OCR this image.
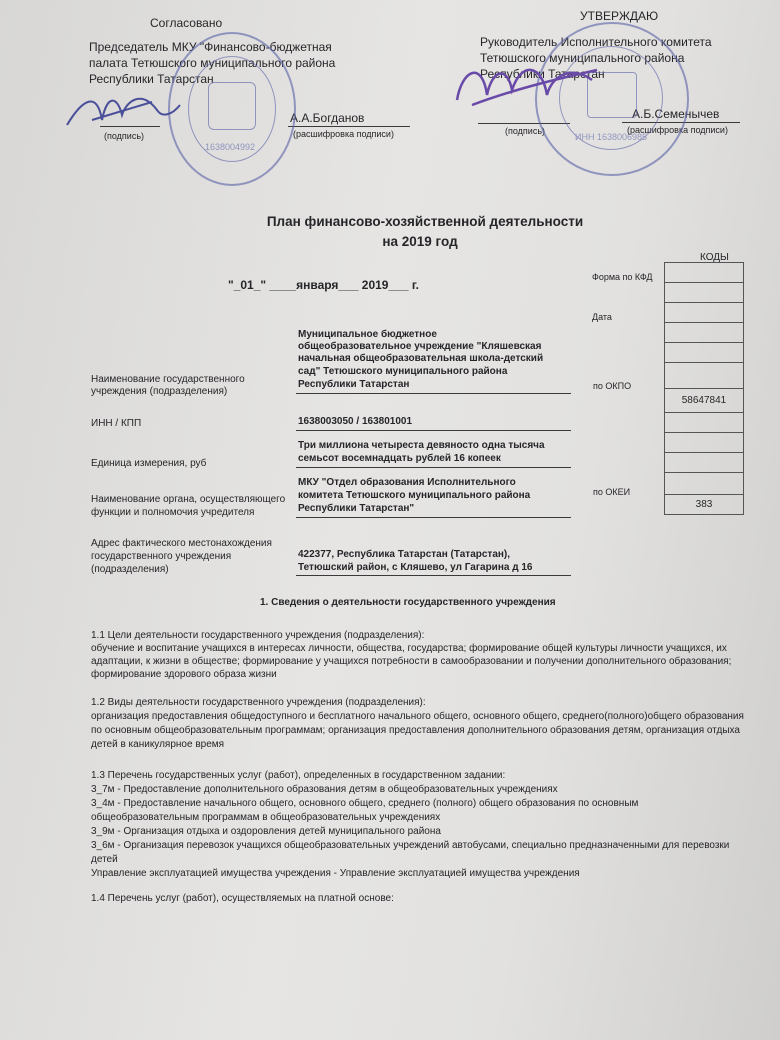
Согласовано
Председатель МКУ "Финансово-бюджетная
палата Тетюшского муниципального района
Республики Татарстан
(подпись)
А.А.Богданов
(расшифровка подписи)
1638004992
УТВЕРЖДАЮ
Руководитель Исполнительного комитета
Тетюшского муниципального района
Республики Татарстан
(подпись)
А.Б.Семенычев
(расшифровка подписи)
ИНН 1638006985
План финансово-хозяйственной деятельности
на 2019 год
"_01_" ____января___ 2019___ г.
КОДЫ
Форма по КФД
Дата
по ОКПО
по ОКЕИ
58647841
383
Наименование государственного
учреждения (подразделения)
Муниципальное бюджетное
общеобразовательное учреждение "Кляшевская
начальная общеобразовательная школа-детский
сад" Тетюшского муниципального района
Республики Татарстан
ИНН / КПП	1638003050 / 163801001
Единица измерения, руб
Три миллиона четыреста девяносто одна тысяча
семьсот восемнадцать рублей 16 копеек
Наименование органа, осуществляющего
функции и полномочия учредителя
МКУ "Отдел образования Исполнительного
комитета Тетюшского муниципального района
Республики Татарстан"
Адрес фактического местонахождения
государственного учреждения
(подразделения)
422377, Республика Татарстан (Татарстан),
Тетюшский район, с Кляшево, ул Гагарина д 16
1. Сведения о деятельности государственного учреждения
1.1 Цели деятельности государственного учреждения (подразделения):
обучение и воспитание учащихся в интересах личности, общества, государства; формирование общей культуры личности учащихся, их
адаптации, к жизни в обществе; формирование у учащихся потребности в самообразовании и получении дополнительного образования;
формирование здорового образа жизни
1.2 Виды деятельности государственного учреждения (подразделения):
организация предоставления общедоступного и бесплатного начального общего, основного общего, среднего(полного)общего образования
по основным общеобразовательным программам; организация предоставления дополнительного образования детям, организация отдыха
детей в каникулярное время
1.3 Перечень государственных услуг (работ), определенных в государственном задании:
3_7м - Предоставление дополнительного образования детям в общеобразовательных учреждениях
3_4м - Предоставление начального общего, основного общего, среднего (полного) общего образования по основным
общеобразовательным программам в общеобразовательных учреждениях
3_9м - Организация отдыха и оздоровления детей муниципального района
3_6м - Организация перевозок учащихся общеобразовательных учреждений автобусами, специально предназначенными для перевозки
детей
Управление эксплуатацией имущества учреждения - Управление эксплуатацией имущества учреждения
1.4 Перечень услуг (работ), осуществляемых на платной основе:
